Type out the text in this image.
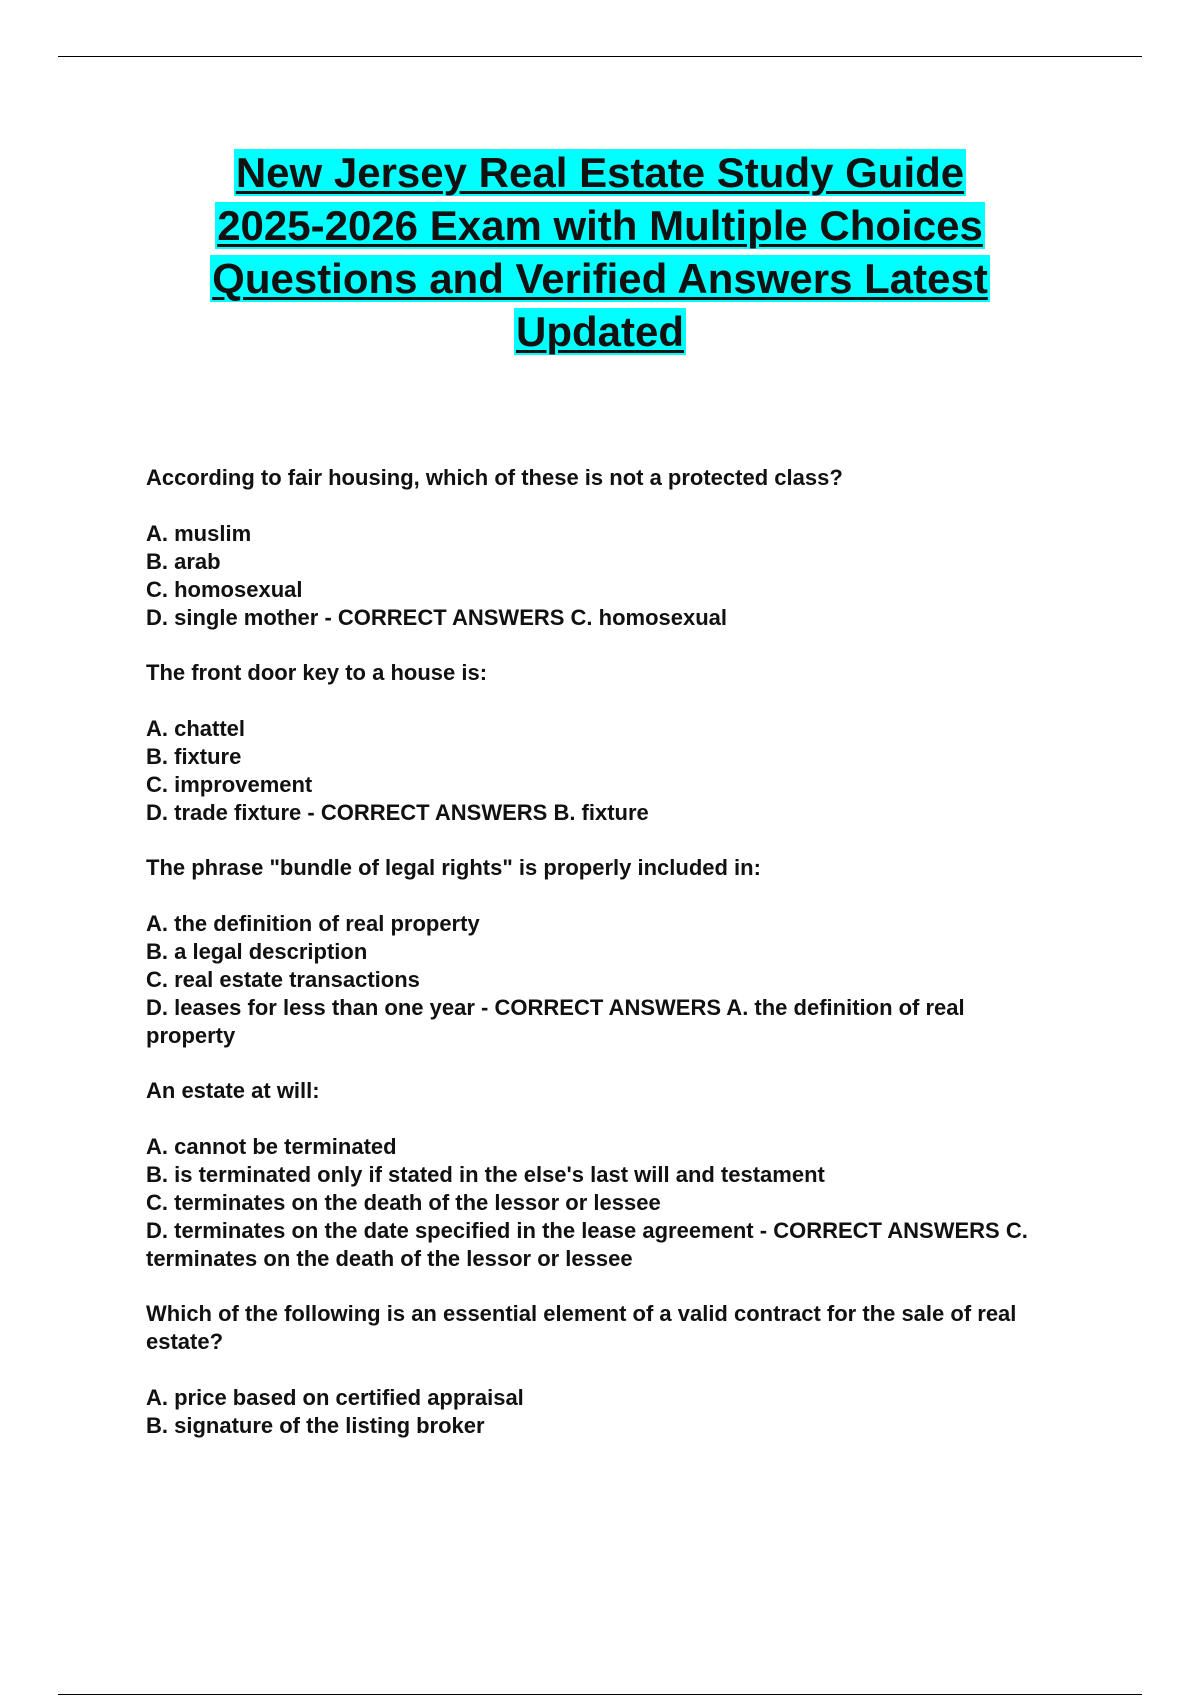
New Jersey Real Estate Study Guide
2025-2026 Exam with Multiple Choices
Questions and Verified Answers Latest
Updated
According to fair housing, which of these is not a protected class?
A. muslim
B. arab
C. homosexual
D. single mother - CORRECT ANSWERS C. homosexual
The front door key to a house is:
A. chattel
B. fixture
C. improvement
D. trade fixture - CORRECT ANSWERS B. fixture
The phrase "bundle of legal rights" is properly included in:
A. the definition of real property
B. a legal description
C. real estate transactions
D. leases for less than one year - CORRECT ANSWERS A. the definition of real property
An estate at will:
A. cannot be terminated
B. is terminated only if stated in the else's last will and testament
C. terminates on the death of the lessor or lessee
D. terminates on the date specified in the lease agreement - CORRECT ANSWERS C. terminates on the death of the lessor or lessee
Which of the following is an essential element of a valid contract for the sale of real estate?
A. price based on certified appraisal
B. signature of the listing broker
